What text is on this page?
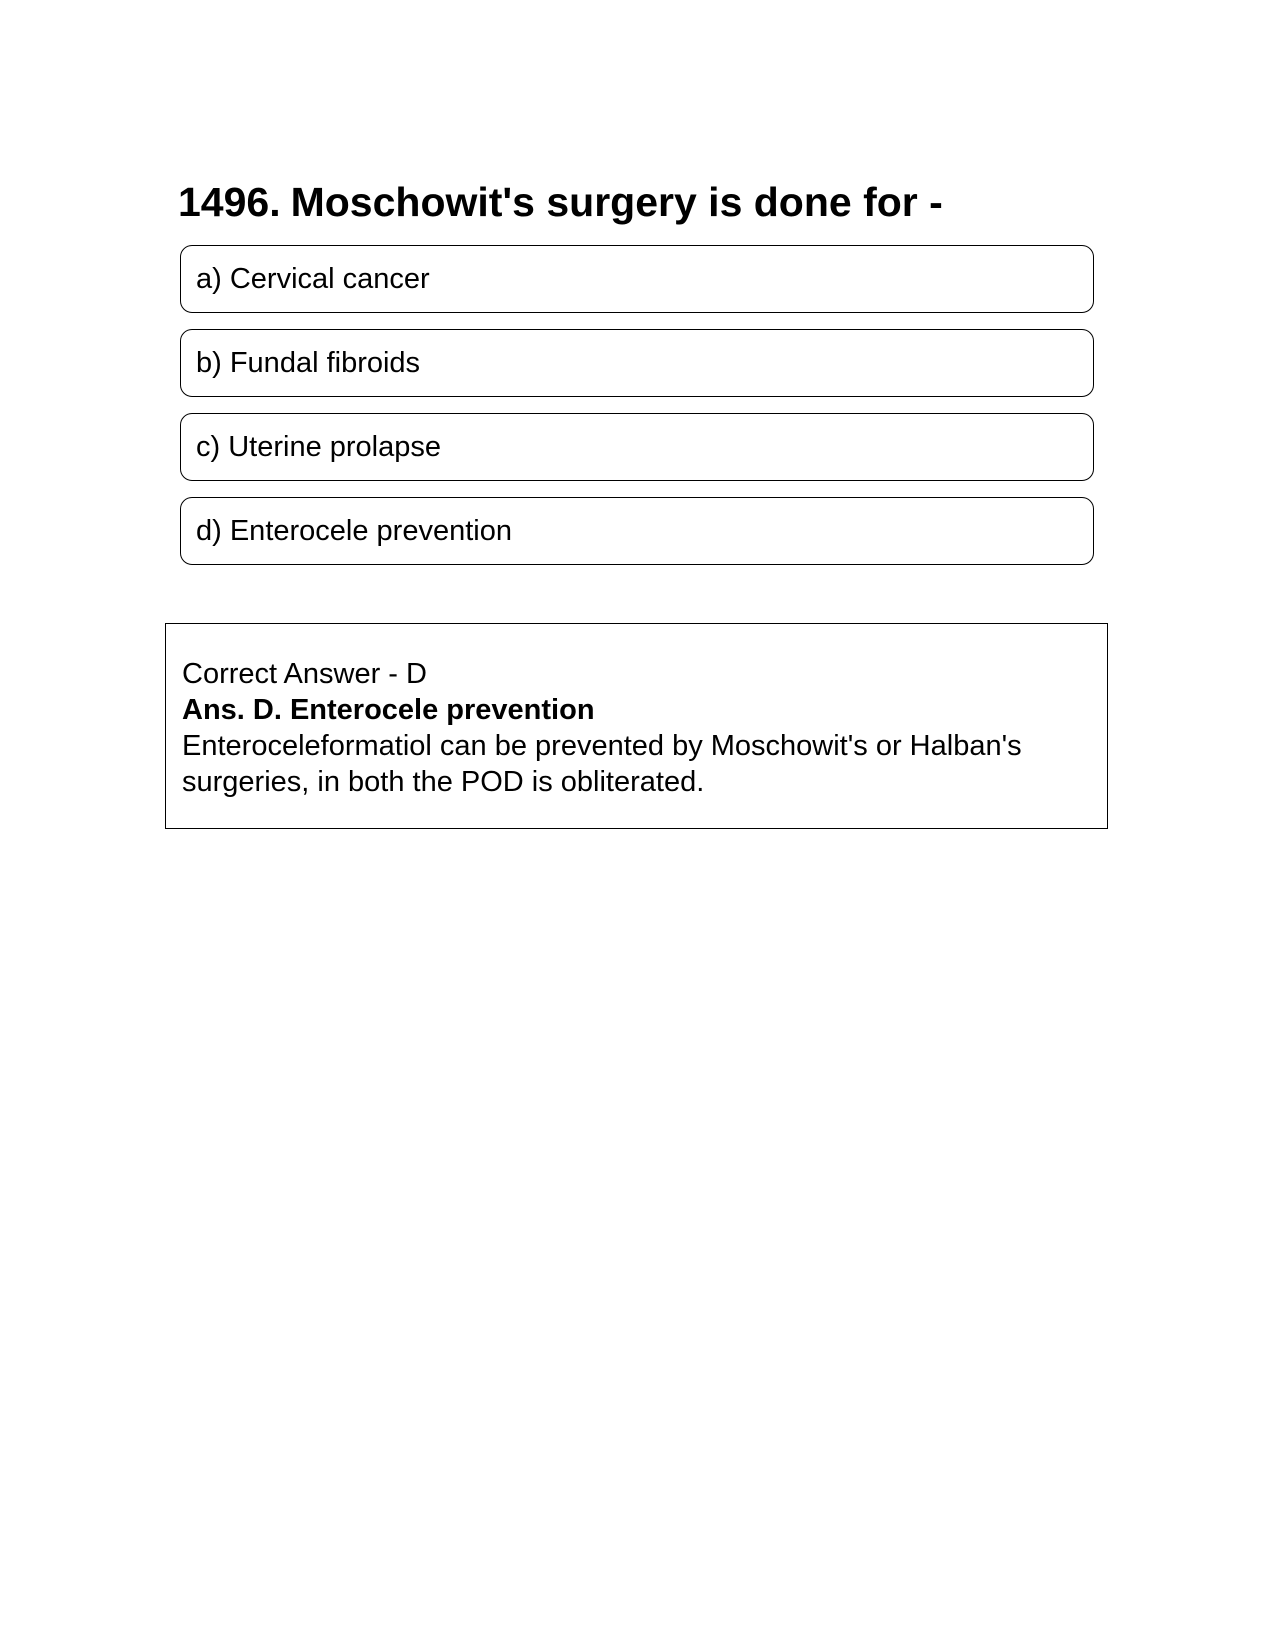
1496. Moschowit's surgery is done for -
a) Cervical cancer
b) Fundal fibroids
c) Uterine prolapse
d) Enterocele prevention
Correct Answer - D
Ans. D. Enterocele prevention
Enteroceleformatiol can be prevented by Moschowit's or Halban's surgeries, in both the POD is obliterated.
